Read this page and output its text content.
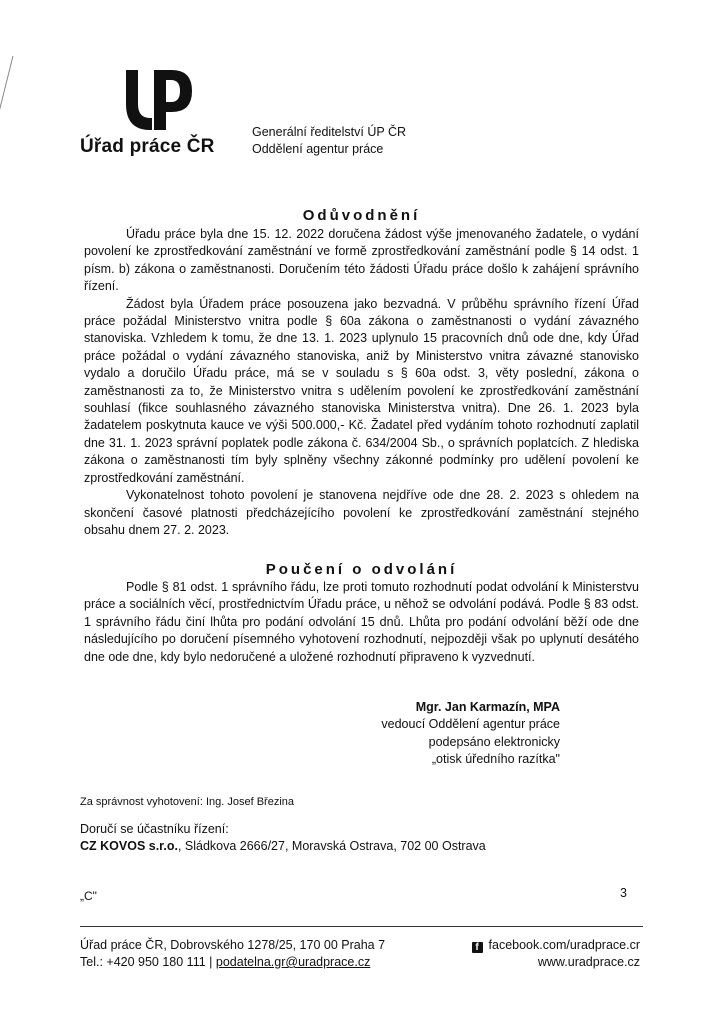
Úřad práce ČR
Generální ředitelství ÚP ČR
Oddělení agentur práce
Odůvodnění

Úřadu práce byla dne 15. 12. 2022 doručena žádost výše jmenovaného žadatele, o vydání povolení ke zprostředkování zaměstnání ve formě zprostředkování zaměstnání podle § 14 odst. 1 písm. b) zákona o zaměstnanosti. Doručením této žádosti Úřadu práce došlo k zahájení správního řízení.

Žádost byla Úřadem práce posouzena jako bezvadná. V průběhu správního řízení Úřad práce požádal Ministerstvo vnitra podle § 60a zákona o zaměstnanosti o vydání závazného stanoviska. Vzhledem k tomu, že dne 13. 1. 2023 uplynulo 15 pracovních dnů ode dne, kdy Úřad práce požádal o vydání závazného stanoviska, aniž by Ministerstvo vnitra závazné stanovisko vydalo a doručilo Úřadu práce, má se v souladu s § 60a odst. 3, věty poslední, zákona o zaměstnanosti za to, že Ministerstvo vnitra s udělením povolení ke zprostředkování zaměstnání souhlasí (fikce souhlasného závazného stanoviska Ministerstva vnitra). Dne 26. 1. 2023 byla žadatelem poskytnuta kauce ve výši 500.000,- Kč. Žadatel před vydáním tohoto rozhodnutí zaplatil dne 31. 1. 2023 správní poplatek podle zákona č. 634/2004 Sb., o správních poplatcích. Z hlediska zákona o zaměstnanosti tím byly splněny všechny zákonné podmínky pro udělení povolení ke zprostředkování zaměstnání.

Vykonatelnost tohoto povolení je stanovena nejdříve ode dne 28. 2. 2023 s ohledem na skončení časové platnosti předcházejícího povolení ke zprostředkování zaměstnání stejného obsahu dnem 27. 2. 2023.

Poučení o odvolání

Podle § 81 odst. 1 správního řádu, lze proti tomuto rozhodnutí podat odvolání k Ministerstvu práce a sociálních věcí, prostřednictvím Úřadu práce, u něhož se odvolání podává. Podle § 83 odst. 1 správního řádu činí lhůta pro podání odvolání 15 dnů. Lhůta pro podání odvolání běží ode dne následujícího po doručení písemného vyhotovení rozhodnutí, nejpozději však po uplynutí desátého dne ode dne, kdy bylo nedoručené a uložené rozhodnutí připraveno k vyzvednutí.

Mgr. Jan Karmazín, MPA
vedoucí Oddělení agentur práce
podepsáno elektronicky
„otisk úředního razítka"
Za správnost vyhotovení: Ing. Josef Březina
Doručí se účastníku řízení:
CZ KOVOS s.r.o., Sládkova 2666/27, Moravská Ostrava, 702 00 Ostrava
„C"	3
Úřad práce ČR, Dobrovského 1278/25, 170 00 Praha 7
Tel.: +420 950 180 111 | podatelna.gr@uradprace.cz
f facebook.com/uradprace.cr
www.uradprace.cz
